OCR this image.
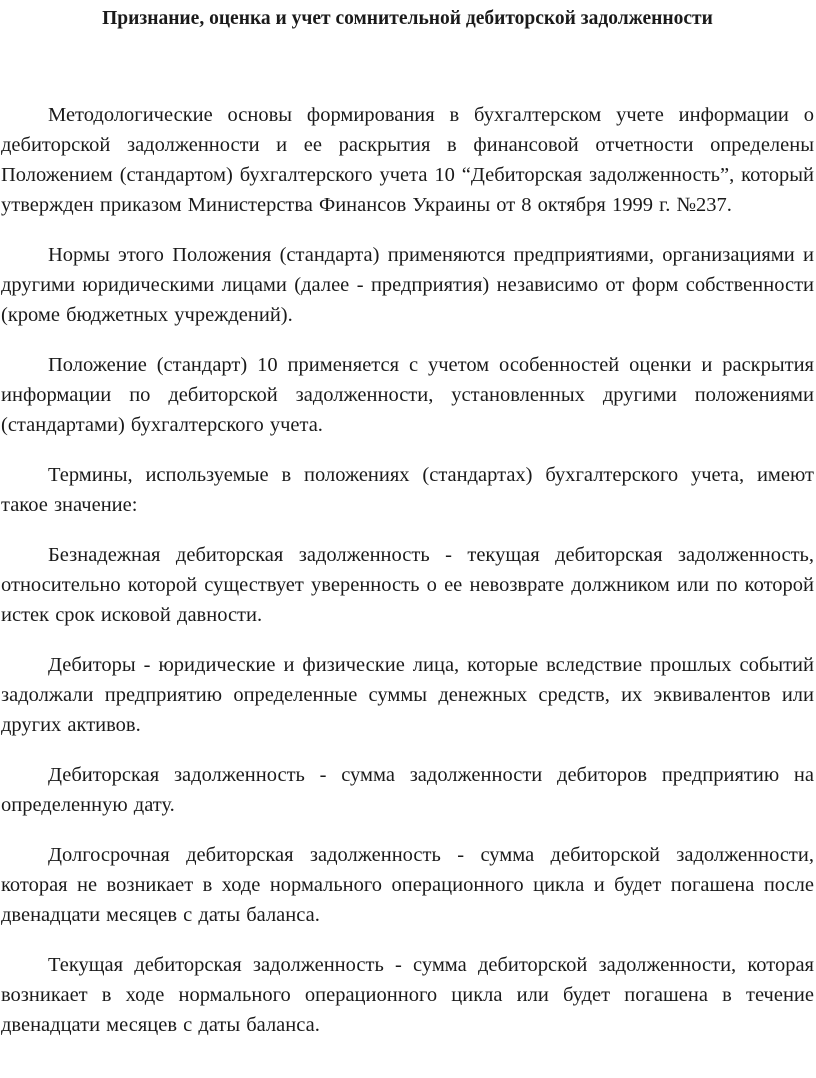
Признание, оценка и учет сомнительной дебиторской задолженности

Методологические основы формирования в бухгалтерском учете информации о дебиторской задолженности и ее раскрытия в финансовой отчетности определены Положением (стандартом) бухгалтерского учета 10 “Дебиторская задолженность”, который утвержден приказом Министерства Финансов Украины от 8 октября 1999 г. №237.

Нормы этого Положения (стандарта) применяются предприятиями, организациями и другими юридическими лицами (далее - предприятия) независимо от форм собственности (кроме бюджетных учреждений).

Положение (стандарт) 10 применяется с учетом особенностей оценки и раскрытия информации по дебиторской задолженности, установленных другими положениями (стандартами) бухгалтерского учета.

Термины, используемые в положениях (стандартах) бухгалтерского учета, имеют такое значение:

Безнадежная дебиторская задолженность - текущая дебиторская задолженность, относительно которой существует уверенность о ее невозврате должником или по которой истек срок исковой давности.

Дебиторы - юридические и физические лица, которые вследствие прошлых событий задолжали предприятию определенные суммы денежных средств, их эквивалентов или других активов.

Дебиторская задолженность - сумма задолженности дебиторов предприятию на определенную дату.

Долгосрочная дебиторская задолженность - сумма дебиторской задолженности, которая не возникает в ходе нормального операционного цикла и будет погашена после двенадцати месяцев с даты баланса.

Текущая дебиторская задолженность - сумма дебиторской задолженности, которая возникает в ходе нормального операционного цикла или будет погашена в течение двенадцати месяцев с даты баланса.
